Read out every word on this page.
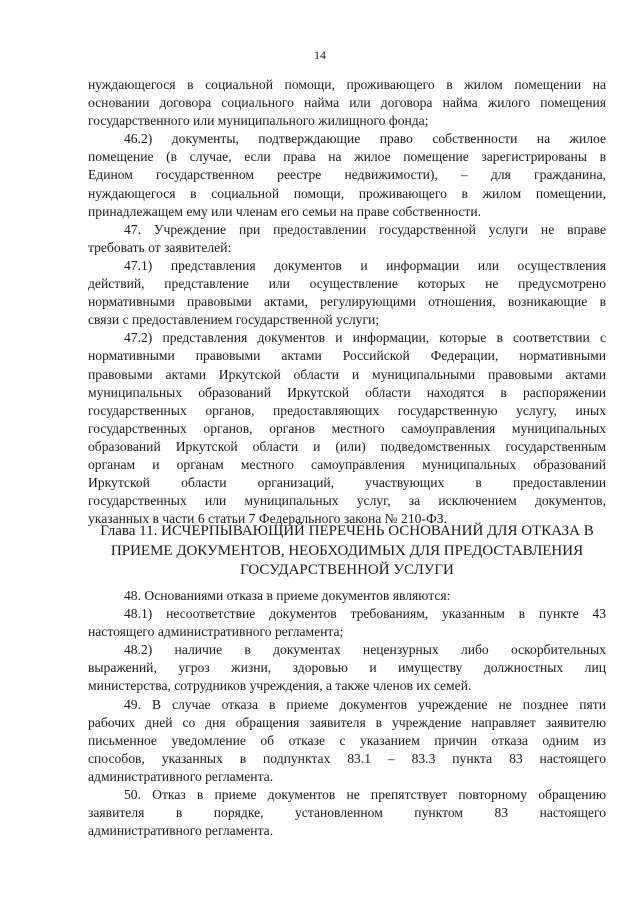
14
нуждающегося в социальной помощи, проживающего в жилом помещении на
основании договора социального найма или договора найма жилого помещения
государственного или муниципального жилищного фонда;
46.2) документы, подтверждающие право собственности на жилое
помещение (в случае, если права на жилое помещение зарегистрированы в
Едином государственном реестре недвижимости), – для гражданина,
нуждающегося в социальной помощи, проживающего в жилом помещении,
принадлежащем ему или членам его семьи на праве собственности.
47. Учреждение при предоставлении государственной услуги не вправе
требовать от заявителей:
47.1) представления документов и информации или осуществления
действий, представление или осуществление которых не предусмотрено
нормативными правовыми актами, регулирующими отношения, возникающие в
связи с предоставлением государственной услуги;
47.2) представления документов и информации, которые в соответствии с
нормативными правовыми актами Российской Федерации, нормативными
правовыми актами Иркутской области и муниципальными правовыми актами
муниципальных образований Иркутской области находятся в распоряжении
государственных органов, предоставляющих государственную услугу, иных
государственных органов, органов местного самоуправления муниципальных
образований Иркутской области и (или) подведомственных государственным
органам и органам местного самоуправления муниципальных образований
Иркутской области организаций, участвующих в предоставлении
государственных или муниципальных услуг, за исключением документов,
указанных в части 6 статьи 7 Федерального закона № 210-ФЗ.
Глава 11. ИСЧЕРПЫВАЮЩИЙ ПЕРЕЧЕНЬ ОСНОВАНИЙ ДЛЯ ОТКАЗА В
ПРИЕМЕ ДОКУМЕНТОВ, НЕОБХОДИМЫХ ДЛЯ ПРЕДОСТАВЛЕНИЯ
ГОСУДАРСТВЕННОЙ УСЛУГИ
48. Основаниями отказа в приеме документов являются:
48.1) несоответствие документов требованиям, указанным в пункте 43
настоящего административного регламента;
48.2) наличие в документах нецензурных либо оскорбительных
выражений, угроз жизни, здоровью и имуществу должностных лиц
министерства, сотрудников учреждения, а также членов их семей.
49. В случае отказа в приеме документов учреждение не позднее пяти
рабочих дней со дня обращения заявителя в учреждение направляет заявителю
письменное уведомление об отказе с указанием причин отказа одним из
способов, указанных в подпунктах 83.1 – 83.3 пункта 83 настоящего
административного регламента.
50. Отказ в приеме документов не препятствует повторному обращению
заявителя в порядке, установленном пунктом 83 настоящего
административного регламента.
